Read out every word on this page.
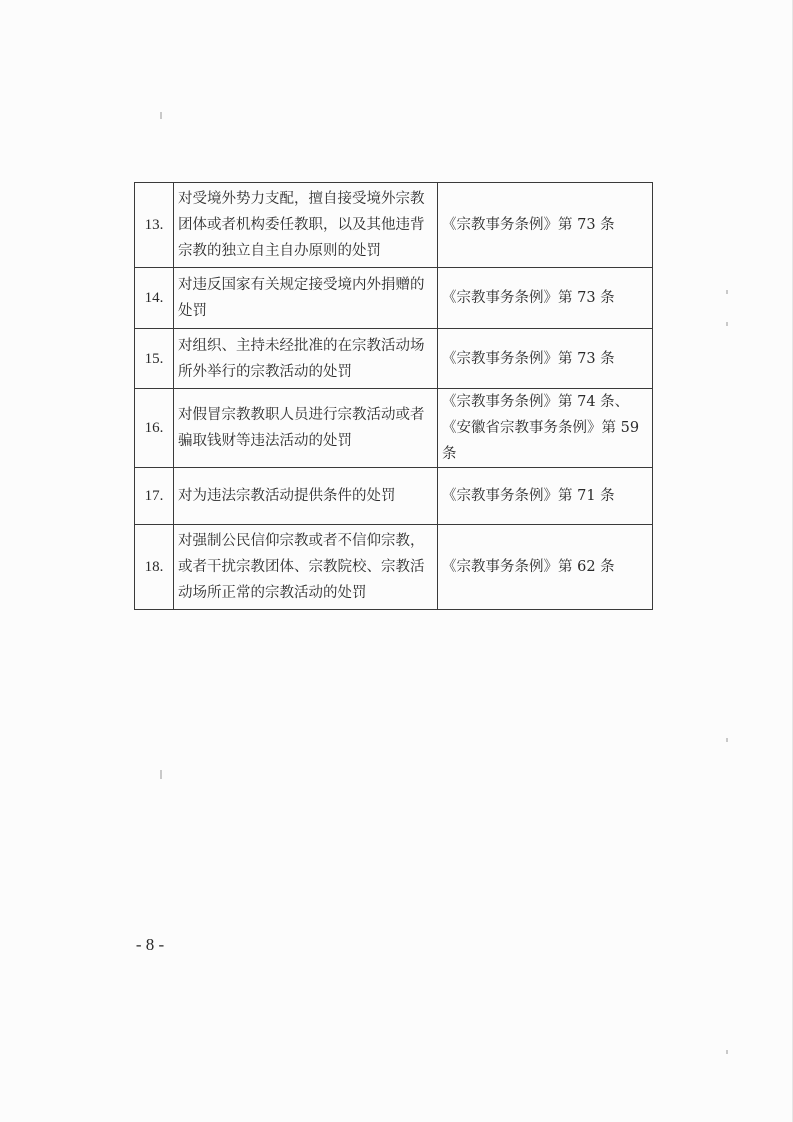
13.	对受境外势力支配，擅自接受境外宗教团体或者机构委任教职，以及其他违背宗教的独立自主自办原则的处罚	《宗教事务条例》第 73 条
14.	对违反国家有关规定接受境内外捐赠的处罚	《宗教事务条例》第 73 条
15.	对组织、主持未经批准的在宗教活动场所外举行的宗教活动的处罚	《宗教事务条例》第 73 条
16.	对假冒宗教教职人员进行宗教活动或者骗取钱财等违法活动的处罚	《宗教事务条例》第 74 条、《安徽省宗教事务条例》第 59 条
17.	对为违法宗教活动提供条件的处罚	《宗教事务条例》第 71 条
18.	对强制公民信仰宗教或者不信仰宗教，或者干扰宗教团体、宗教院校、宗教活动场所正常的宗教活动的处罚	《宗教事务条例》第 62 条
- 8 -
